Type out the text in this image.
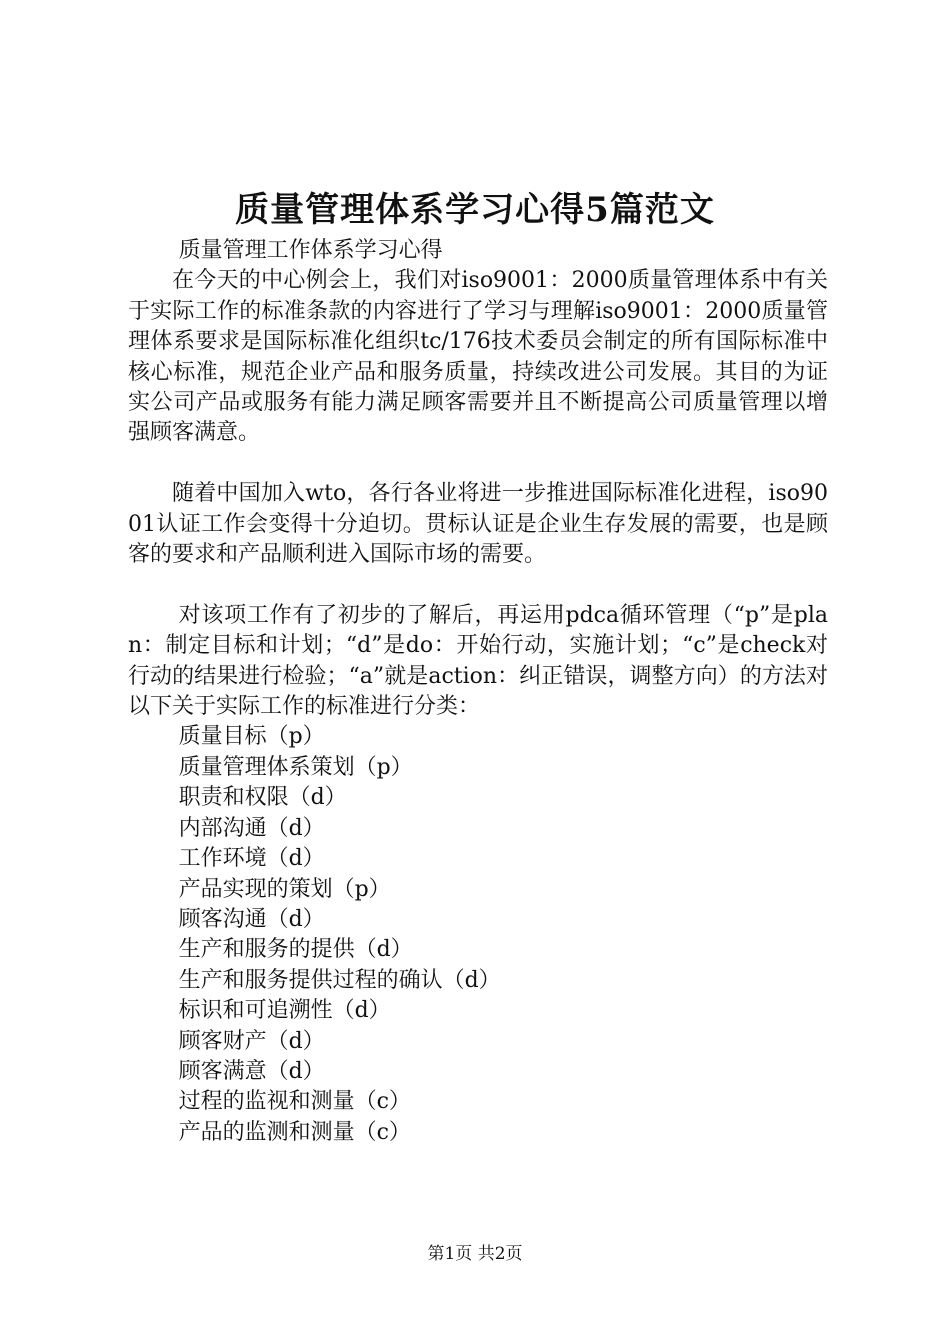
质量管理体系学习心得5篇范文

质量管理工作体系学习心得

在今天的中心例会上，我们对iso9001：2000质量管理体系中有关于实际工作的标准条款的内容进行了学习与理解iso9001：2000质量管理体系要求是国际标准化组织tc/176技术委员会制定的所有国际标准中核心标准，规范企业产品和服务质量，持续改进公司发展。其目的为证实公司产品或服务有能力满足顾客需要并且不断提高公司质量管理以增强顾客满意。

随着中国加入wto，各行各业将进一步推进国际标准化进程，iso9001认证工作会变得十分迫切。贯标认证是企业生存发展的需要，也是顾客的要求和产品顺利进入国际市场的需要。

对该项工作有了初步的了解后，再运用pdca循环管理（“p”是plan：制定目标和计划；“d”是do：开始行动，实施计划；“c”是check对行动的结果进行检验；“a”就是action：纠正错误，调整方向）的方法对以下关于实际工作的标准进行分类：

质量目标（p）
质量管理体系策划（p）
职责和权限（d）
内部沟通（d）
工作环境（d）
产品实现的策划（p）
顾客沟通（d）
生产和服务的提供（d）
生产和服务提供过程的确认（d）
标识和可追溯性（d）
顾客财产（d）
顾客满意（d）
过程的监视和测量（c）
产品的监测和测量（c）
第1页 共2页
